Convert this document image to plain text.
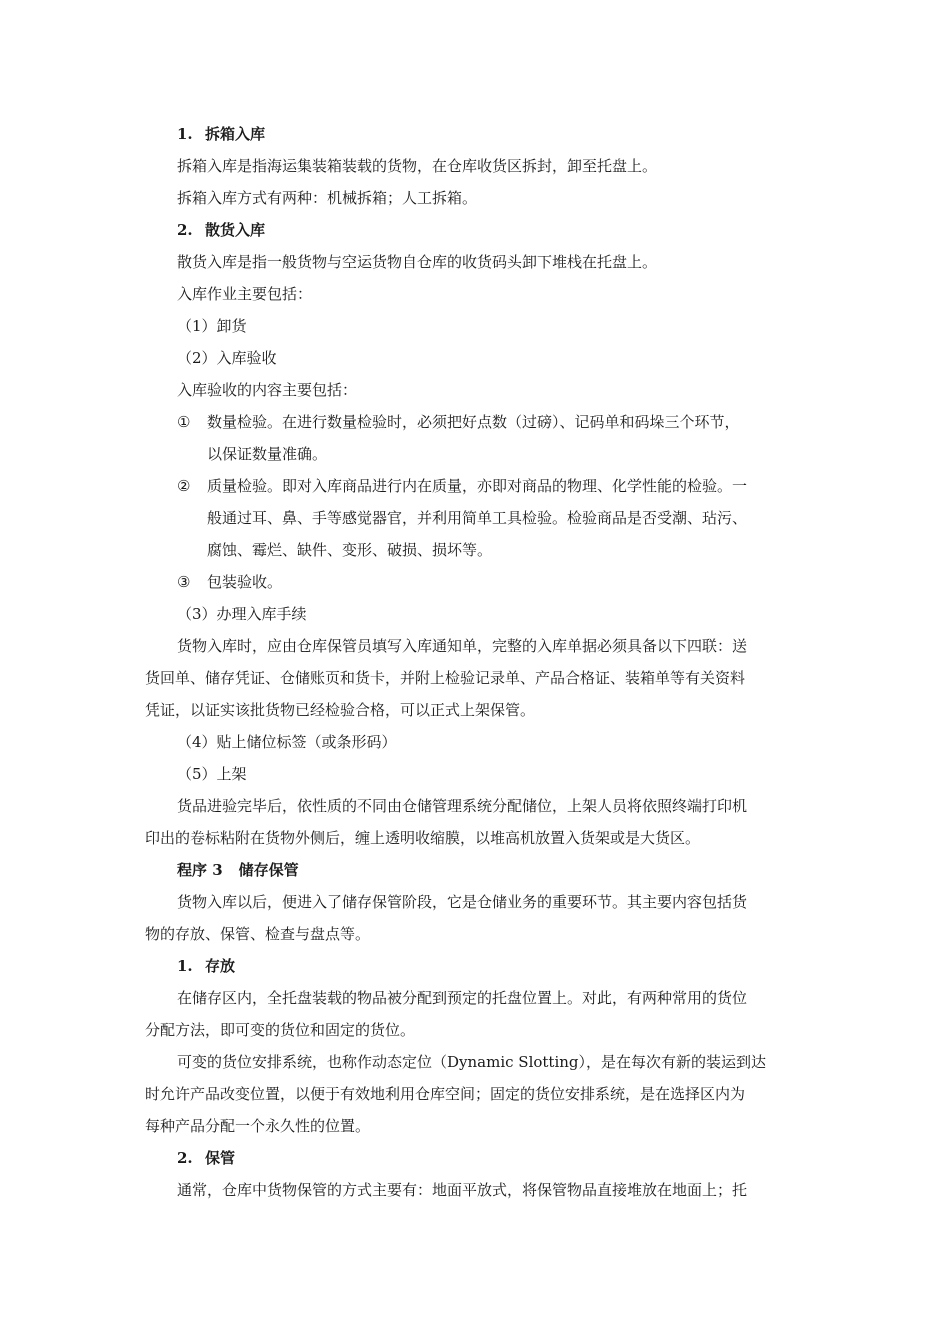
1. 拆箱入库
拆箱入库是指海运集装箱装载的货物，在仓库收货区拆封，卸至托盘上。
拆箱入库方式有两种：机械拆箱；人工拆箱。
2. 散货入库
散货入库是指一般货物与空运货物自仓库的收货码头卸下堆栈在托盘上。
入库作业主要包括：
（1）卸货
（2）入库验收
入库验收的内容主要包括：
① 数量检验。在进行数量检验时，必须把好点数（过磅）、记码单和码垛三个环节，
以保证数量准确。
② 质量检验。即对入库商品进行内在质量，亦即对商品的物理、化学性能的检验。一
般通过耳、鼻、手等感觉器官，并利用简单工具检验。检验商品是否受潮、玷污、
腐蚀、霉烂、缺件、变形、破损、损坏等。
③ 包装验收。
（3）办理入库手续
货物入库时，应由仓库保管员填写入库通知单，完整的入库单据必须具备以下四联：送
货回单、储存凭证、仓储账页和货卡，并附上检验记录单、产品合格证、装箱单等有关资料
凭证，以证实该批货物已经检验合格，可以正式上架保管。
（4）贴上储位标签（或条形码）
（5）上架
货品进验完毕后，依性质的不同由仓储管理系统分配储位，上架人员将依照终端打印机
印出的卷标粘附在货物外侧后，缠上透明收缩膜，以堆高机放置入货架或是大货区。
程序 3 储存保管
货物入库以后，便进入了储存保管阶段，它是仓储业务的重要环节。其主要内容包括货
物的存放、保管、检查与盘点等。
1. 存放
在储存区内，全托盘装载的物品被分配到预定的托盘位置上。对此，有两种常用的货位
分配方法，即可变的货位和固定的货位。
可变的货位安排系统，也称作动态定位（Dynamic Slotting），是在每次有新的装运到达
时允许产品改变位置，以便于有效地利用仓库空间；固定的货位安排系统，是在选择区内为
每种产品分配一个永久性的位置。
2. 保管
通常，仓库中货物保管的方式主要有：地面平放式，将保管物品直接堆放在地面上；托
